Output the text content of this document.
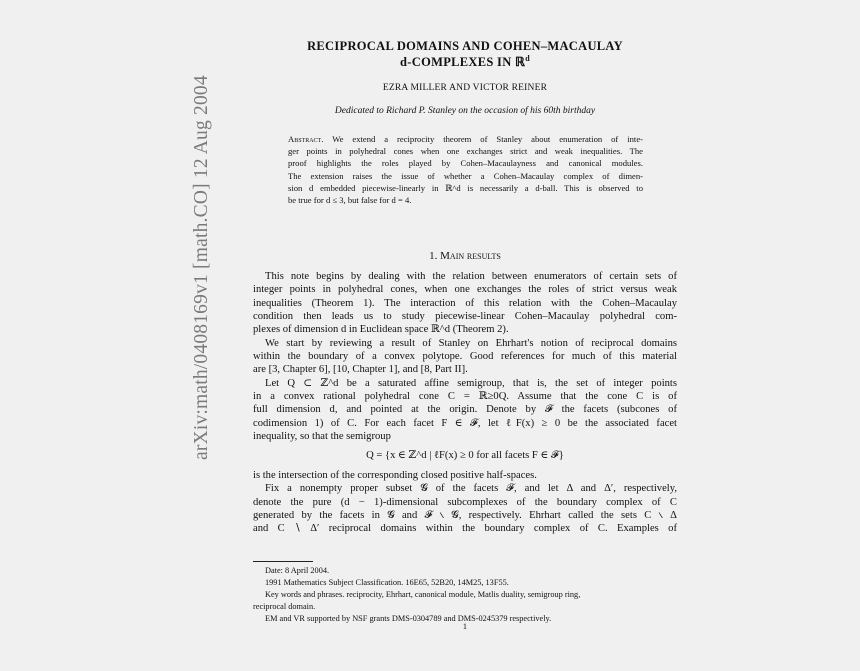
arXiv:math/0408169v1 [math.CO] 12 Aug 2004
RECIPROCAL DOMAINS AND COHEN–MACAULAY
d-COMPLEXES IN ℝ$^d$
EZRA MILLER AND VICTOR REINER
Dedicated to Richard P. Stanley on the occasion of his 60th birthday
Abstract. We extend a reciprocity theorem of Stanley about enumeration of inte-
ger points in polyhedral cones when one exchanges strict and weak inequalities. The
proof highlights the roles played by Cohen–Macaulayness and canonical modules.
The extension raises the issue of whether a Cohen–Macaulay complex of dimen-
sion d embedded piecewise-linearly in ℝ^d is necessarily a d-ball. This is observed to
be true for d ≤ 3, but false for d = 4.
1. Main results
This note begins by dealing with the relation between enumerators of certain sets of
integer points in polyhedral cones, when one exchanges the roles of strict versus weak
inequalities (Theorem 1). The interaction of this relation with the Cohen–Macaulay
condition then leads us to study piecewise-linear Cohen–Macaulay polyhedral com-
plexes of dimension d in Euclidean space ℝ^d (Theorem 2).
We start by reviewing a result of Stanley on Ehrhart's notion of reciprocal domains
within the boundary of a convex polytope. Good references for much of this material
are [3, Chapter 6], [10, Chapter 1], and [8, Part II].
Let Q ⊂ ℤ^d be a saturated affine semigroup, that is, the set of integer points
in a convex rational polyhedral cone C = ℝ≥0Q. Assume that the cone C is of
full dimension d, and pointed at the origin. Denote by 𝓕 the facets (subcones of
codimension 1) of C. For each facet F ∈ 𝓕, let ℓF(x) ≥ 0 be the associated facet
inequality, so that the semigroup
Q = {x ∈ ℤ^d | ℓF(x) ≥ 0 for all facets F ∈ 𝓕}
is the intersection of the corresponding closed positive half-spaces.
Fix a nonempty proper subset 𝓖 of the facets 𝓕, and let Δ and Δ′, respectively,
denote the pure (d − 1)-dimensional subcomplexes of the boundary complex of C
generated by the facets in 𝓖 and 𝓕 ∖ 𝓖, respectively. Ehrhart called the sets C ∖ Δ
and C ∖ Δ′ reciprocal domains within the boundary complex of C. Examples of
Date: 8 April 2004.
1991 Mathematics Subject Classification. 16E65, 52B20, 14M25, 13F55.
Key words and phrases. reciprocity, Ehrhart, canonical module, Matlis duality, semigroup ring,
reciprocal domain.
EM and VR supported by NSF grants DMS-0304789 and DMS-0245379 respectively.
1
